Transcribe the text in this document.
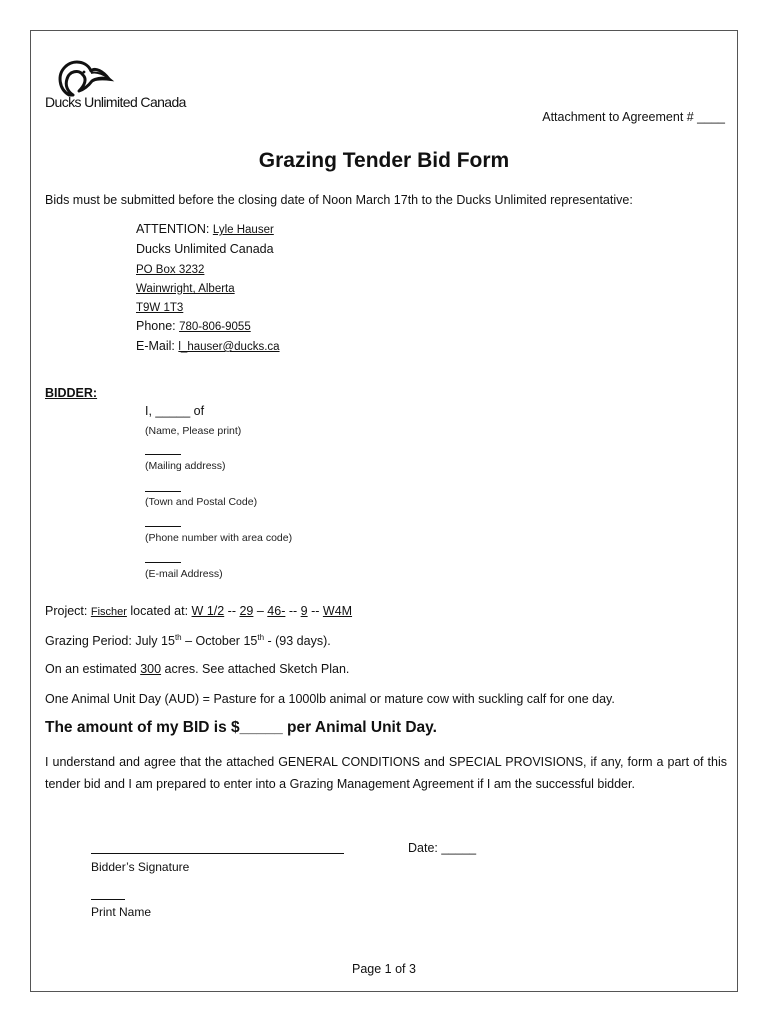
Ducks Unlimited Canada
Attachment to Agreement # ____
Grazing Tender Bid Form
Bids must be submitted before the closing date of Noon March 17th to the Ducks Unlimited representative:
ATTENTION: Lyle Hauser
Ducks Unlimited Canada
PO Box 3232
Wainwright, Alberta
T9W 1T3
Phone: 780-806-9055
E-Mail: l_hauser@ducks.ca
BIDDER:
I, _____ of
(Name, Please print)
(Mailing address)
(Town and Postal Code)
(Phone number with area code)
(E-mail Address)
Project: Fischer located at: W 1/2 -- 29 – 46- -- 9 -- W4M
Grazing Period: July 15th – October 15th - (93 days).
On an estimated 300 acres. See attached Sketch Plan.
One Animal Unit Day (AUD) = Pasture for a 1000lb animal or mature cow with suckling calf for one day.
The amount of my BID is $_____ per Animal Unit Day.
I understand and agree that the attached GENERAL CONDITIONS and SPECIAL PROVISIONS, if any, form a part of this tender bid and I am prepared to enter into a Grazing Management Agreement if I am the successful bidder.
Bidder’s Signature
Date: _____
Print Name
Page 1 of 3
